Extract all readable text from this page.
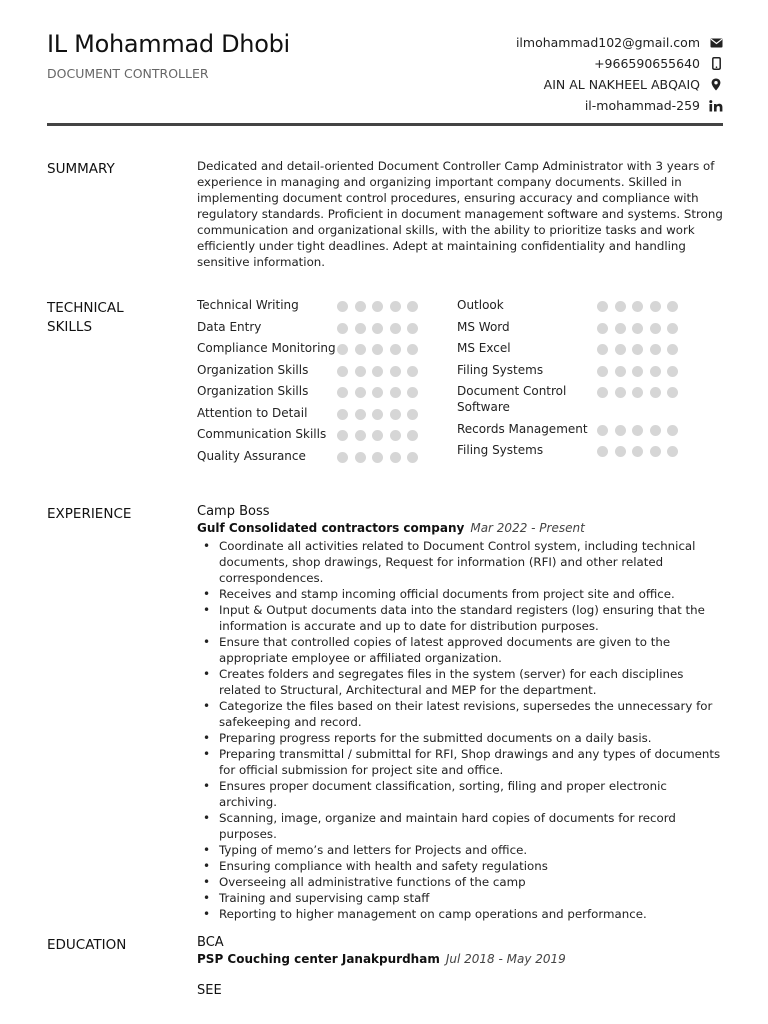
IL Mohammad Dhobi
DOCUMENT CONTROLLER
ilmohammad102@gmail.com
+966590655640
AIN AL NAKHEEL ABQAIQ
il-mohammad-259
SUMMARY	Dedicated and detail-oriented Document Controller Camp Administrator with 3 years of experience in managing and organizing important company documents. Skilled in implementing document control procedures, ensuring accuracy and compliance with regulatory standards. Proficient in document management software and systems. Strong communication and organizational skills, with the ability to prioritize tasks and work efficiently under tight deadlines. Adept at maintaining confidentiality and handling sensitive information.
TECHNICAL SKILLS
Technical Writing
Data Entry
Compliance Monitoring
Organization Skills
Organization Skills
Attention to Detail
Communication Skills
Quality Assurance
Outlook
MS Word
MS Excel
Filing Systems
Document Control Software
Records Management
Filing Systems
EXPERIENCE	Camp Boss
Gulf Consolidated contractors company Mar 2022 - Present
• Coordinate all activities related to Document Control system, including technical documents, shop drawings, Request for information (RFI) and other related correspondences.
• Receives and stamp incoming official documents from project site and office.
• Input & Output documents data into the standard registers (log) ensuring that the information is accurate and up to date for distribution purposes.
• Ensure that controlled copies of latest approved documents are given to the appropriate employee or affiliated organization.
• Creates folders and segregates files in the system (server) for each disciplines related to Structural, Architectural and MEP for the department.
• Categorize the files based on their latest revisions, supersedes the unnecessary for safekeeping and record.
• Preparing progress reports for the submitted documents on a daily basis.
• Preparing transmittal / submittal for RFI, Shop drawings and any types of documents for official submission for project site and office.
• Ensures proper document classification, sorting, filing and proper electronic archiving.
• Scanning, image, organize and maintain hard copies of documents for record purposes.
• Typing of memo’s and letters for Projects and office.
• Ensuring compliance with health and safety regulations
• Overseeing all administrative functions of the camp
• Training and supervising camp staff
• Reporting to higher management on camp operations and performance.
EDUCATION	BCA
PSP Couching center Janakpurdham Jul 2018 - May 2019
SEE
